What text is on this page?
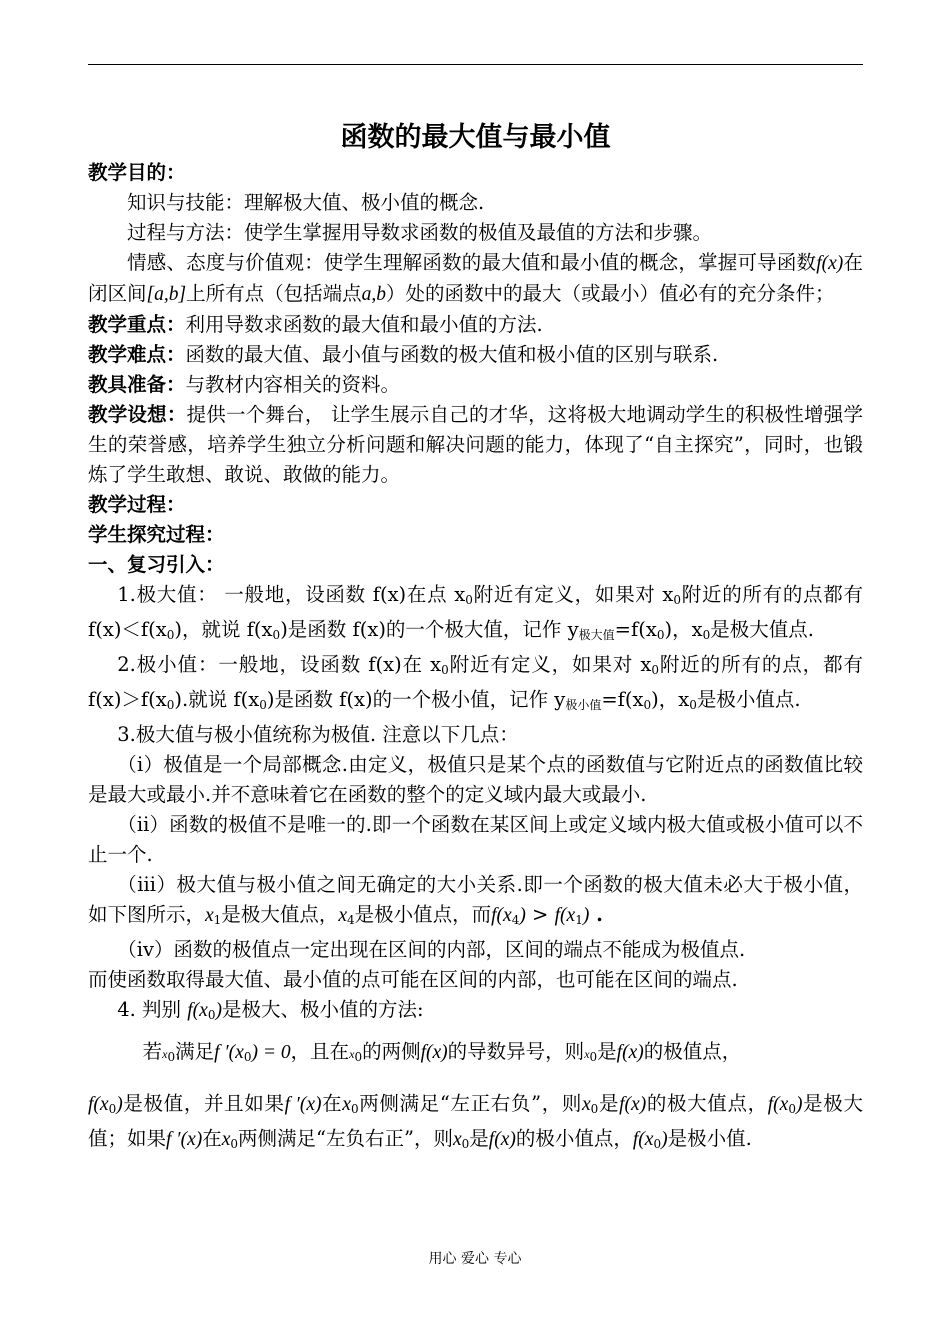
函数的最大值与最小值

教学目的：

知识与技能：理解极大值、极小值的概念.

过程与方法：使学生掌握用导数求函数的极值及最值的方法和步骤。

情感、态度与价值观：使学生理解函数的最大值和最小值的概念，掌握可导函数f(x)在闭区间[a,b]上所有点（包括端点a,b）处的函数中的最大（或最小）值必有的充分条件；

教学重点：利用导数求函数的最大值和最小值的方法.

教学难点：函数的最大值、最小值与函数的极大值和极小值的区别与联系.

教具准备：与教材内容相关的资料。

教学设想：提供一个舞台， 让学生展示自己的才华，这将极大地调动学生的积极性增强学生的荣誉感，培养学生独立分析问题和解决问题的能力，体现了“自主探究”，同时，也锻炼了学生敢想、敢说、敢做的能力。

教学过程：

学生探究过程：

一、复习引入：

1.极大值： 一般地，设函数 f(x)在点 $x_0$附近有定义，如果对 $x_0$附近的所有的点都有 $f(x)<f(x_0)$，就说 $f(x_0)$是函数 f(x)的一个极大值，记作 $y_{极大值}=f(x_0)$，$x_0$是极大值点.

2.极小值：一般地，设函数 f(x)在 $x_0$附近有定义，如果对 $x_0$附近的所有的点，都有 $f(x)>f(x_0)$.就说 $f(x_0)$是函数 f(x)的一个极小值，记作 $y_{极小值}=f(x_0)$，$x_0$是极小值点.

3.极大值与极小值统称为极值. 注意以下几点：

（ⅰ）极值是一个局部概念.由定义，极值只是某个点的函数值与它附近点的函数值比较是最大或最小.并不意味着它在函数的整个的定义域内最大或最小.

（ⅱ）函数的极值不是唯一的.即一个函数在某区间上或定义域内极大值或极小值可以不止一个.

（ⅲ）极大值与极小值之间无确定的大小关系.即一个函数的极大值未必大于极小值，如下图所示，$x_1$是极大值点，$x_4$是极小值点，而$f(x_4) > f(x_1)$ .

（ⅳ）函数的极值点一定出现在区间的内部，区间的端点不能成为极值点.

而使函数取得最大值、最小值的点可能在区间的内部，也可能在区间的端点.

4. 判别 $f(x_0)$是极大、极小值的方法:

若$x_0$满足f $'(x_0) = 0$，且在$x_0$的两侧f(x)的导数异号，则$x_0$是f(x)的极值点，

$f(x_0)$是极值，并且如果f ′(x)在$x_0$两侧满足“左正右负”，则$x_0$是f(x)的极大值点，$f(x_0)$是极大值；如果f ′(x)在$x_0$两侧满足“左负右正”，则$x_0$是f(x)的极小值点，$f(x_0)$是极小值.

用心 爱心 专心
